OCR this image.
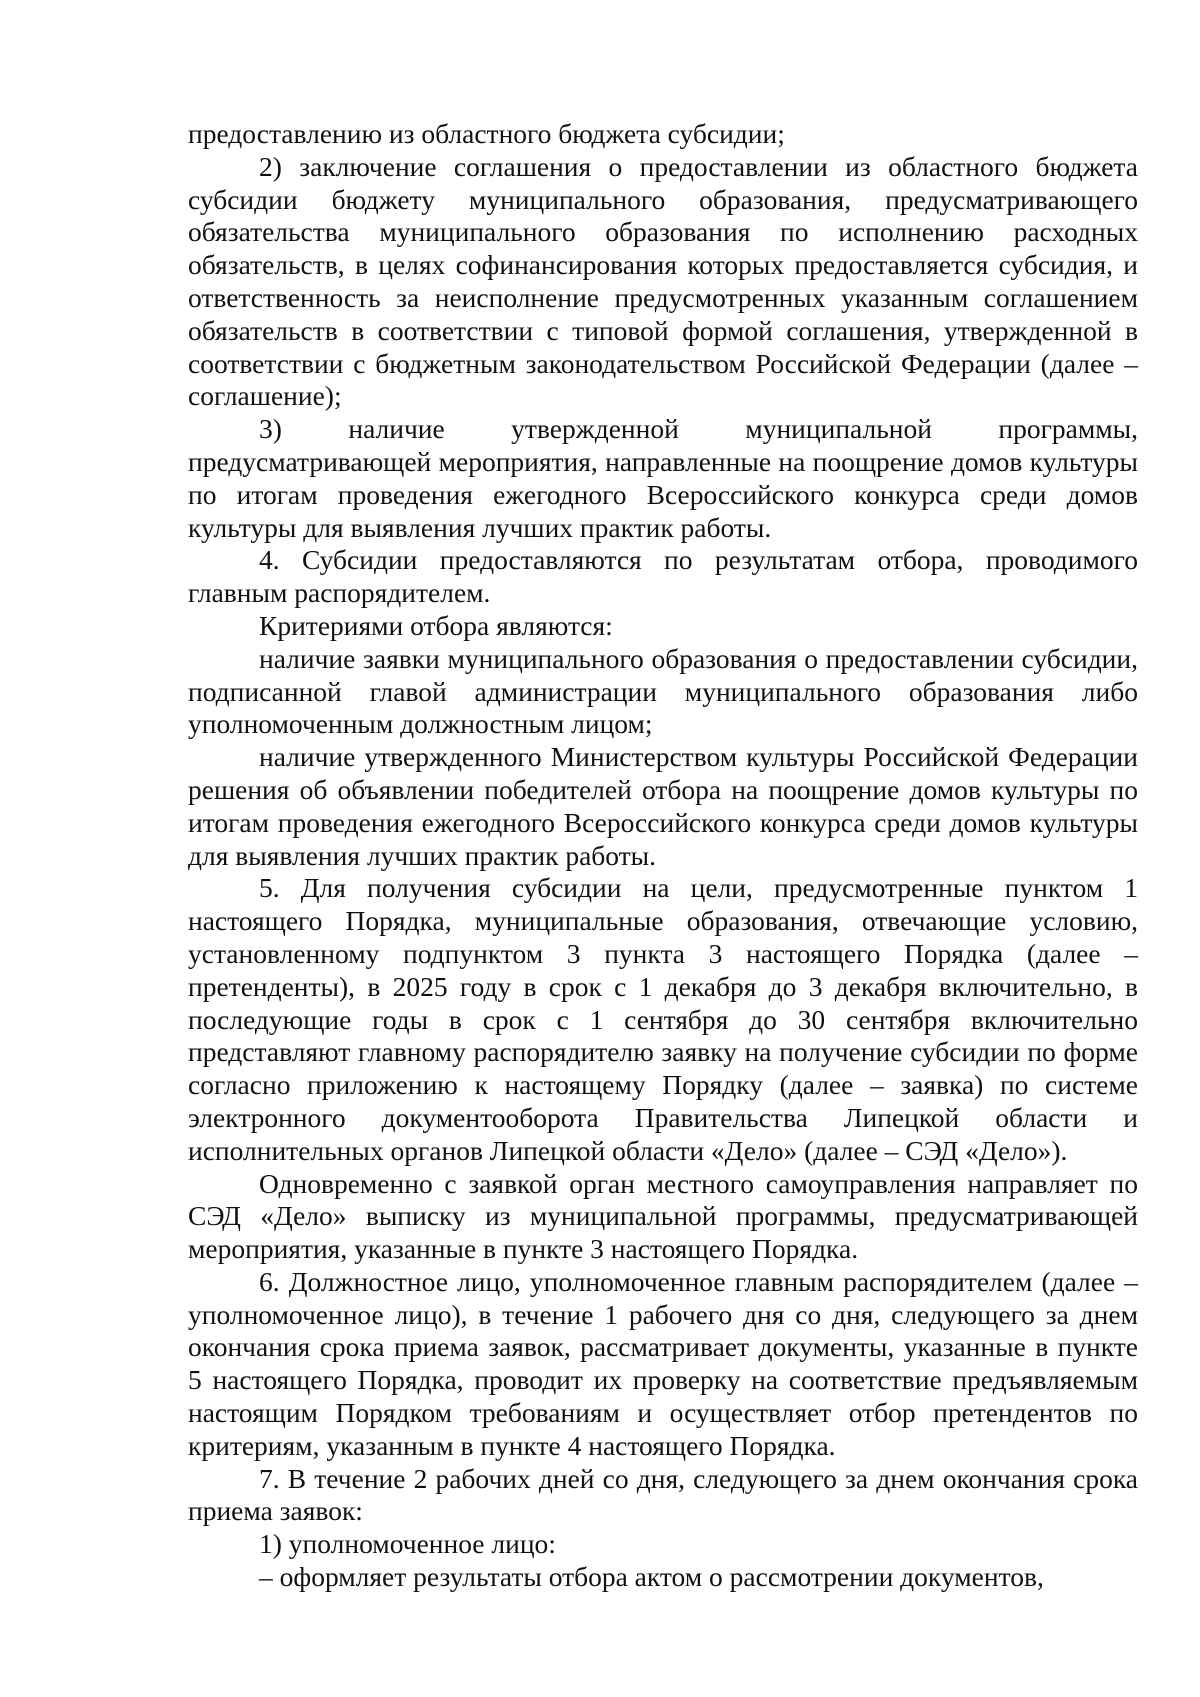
предоставлению из областного бюджета субсидии;

2) заключение соглашения о предоставлении из областного бюджета субсидии бюджету муниципального образования, предусматривающего обязательства муниципального образования по исполнению расходных обязательств, в целях софинансирования которых предоставляется субсидия, и ответственность за неисполнение предусмотренных указанным соглашением обязательств в соответствии с типовой формой соглашения, утвержденной в соответствии с бюджетным законодательством Российской Федерации (далее – соглашение);

3) наличие утвержденной муниципальной программы, предусматривающей мероприятия, направленные на поощрение домов культуры по итогам проведения ежегодного Всероссийского конкурса среди домов культуры для выявления лучших практик работы.

4. Субсидии предоставляются по результатам отбора, проводимого главным распорядителем.

Критериями отбора являются:

наличие заявки муниципального образования о предоставлении субсидии, подписанной главой администрации муниципального образования либо уполномоченным должностным лицом;

наличие утвержденного Министерством культуры Российской Федерации решения об объявлении победителей отбора на поощрение домов культуры по итогам проведения ежегодного Всероссийского конкурса среди домов культуры для выявления лучших практик работы.

5. Для получения субсидии на цели, предусмотренные пунктом 1 настоящего Порядка, муниципальные образования, отвечающие условию, установленному подпунктом 3 пункта 3 настоящего Порядка (далее – претенденты), в 2025 году в срок с 1 декабря до 3 декабря включительно, в последующие годы в срок с 1 сентября до 30 сентября включительно представляют главному распорядителю заявку на получение субсидии по форме согласно приложению к настоящему Порядку (далее – заявка) по системе электронного документооборота Правительства Липецкой области и исполнительных органов Липецкой области «Дело» (далее – СЭД «Дело»).

Одновременно с заявкой орган местного самоуправления направляет по СЭД «Дело» выписку из муниципальной программы, предусматривающей мероприятия, указанные в пункте 3 настоящего Порядка.

6. Должностное лицо, уполномоченное главным распорядителем (далее – уполномоченное лицо), в течение 1 рабочего дня со дня, следующего за днем окончания срока приема заявок, рассматривает документы, указанные в пункте 5 настоящего Порядка, проводит их проверку на соответствие предъявляемым настоящим Порядком требованиям и осуществляет отбор претендентов по критериям, указанным в пункте 4 настоящего Порядка.

7. В течение 2 рабочих дней со дня, следующего за днем окончания срока приема заявок:

1) уполномоченное лицо:

– оформляет результаты отбора актом о рассмотрении документов,
